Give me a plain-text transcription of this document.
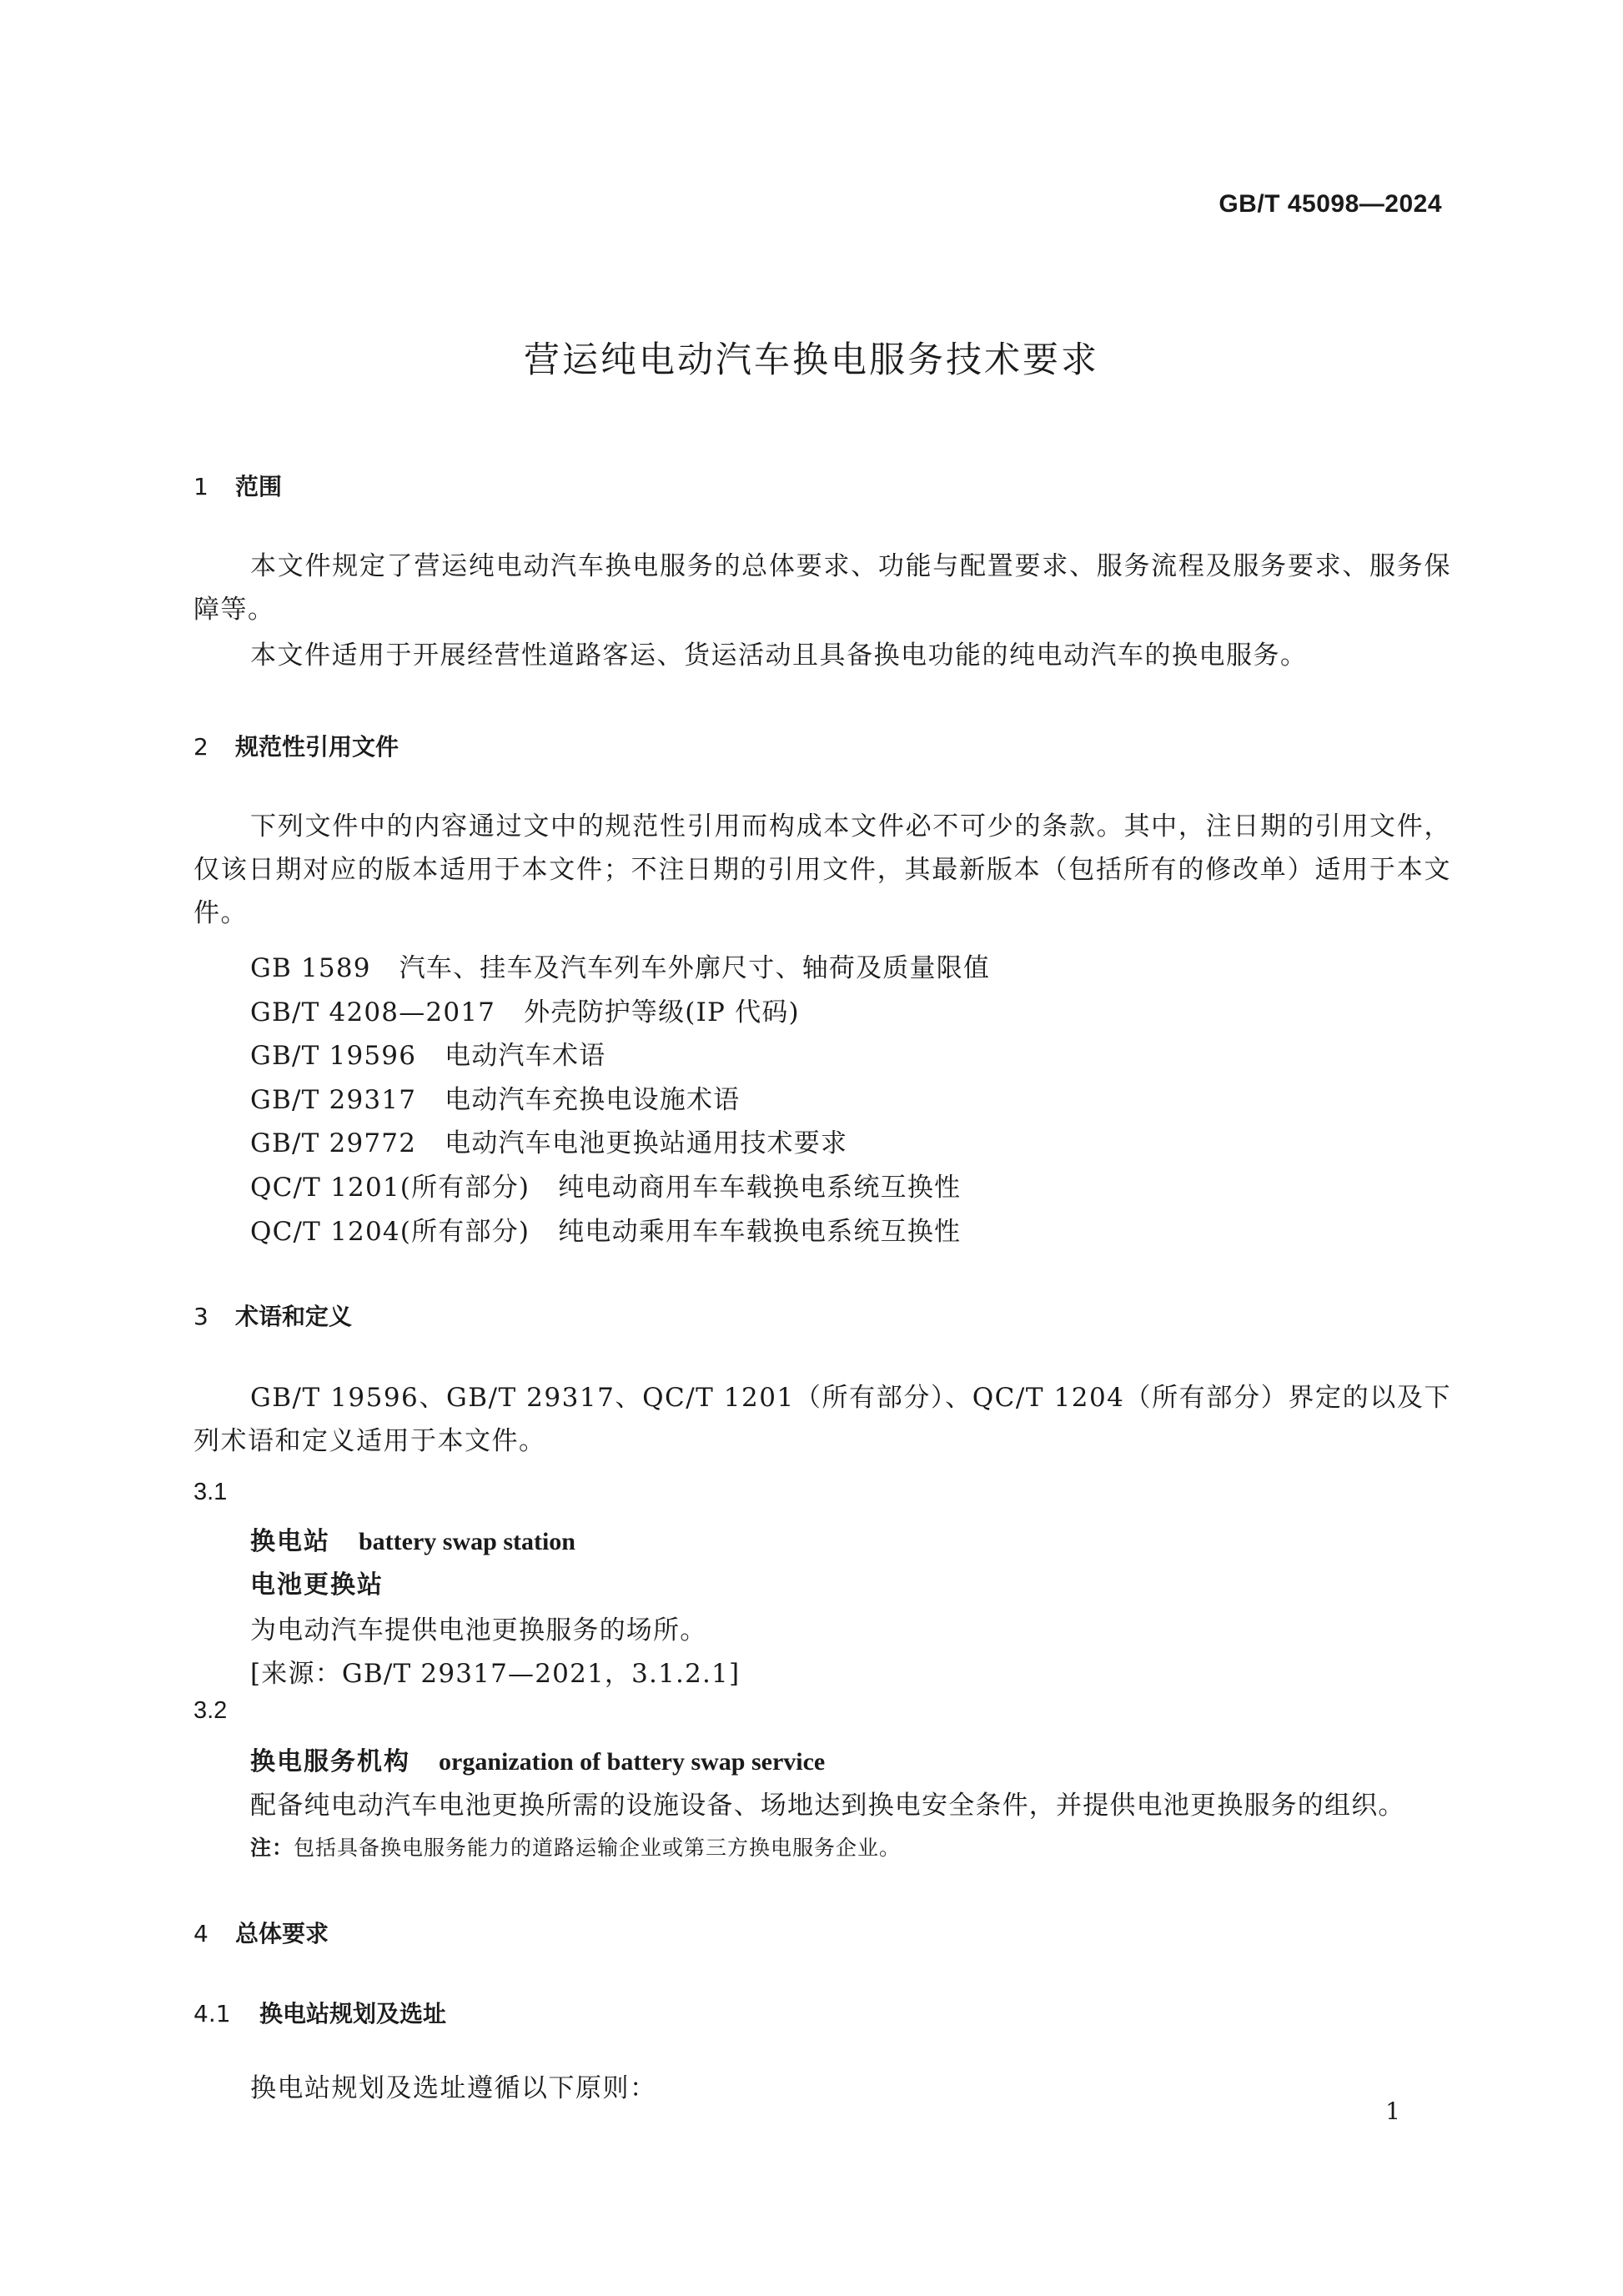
GB/T 45098—2024
营运纯电动汽车换电服务技术要求
1 范围
本文件规定了营运纯电动汽车换电服务的总体要求、功能与配置要求、服务流程及服务要求、服务保障等。
本文件适用于开展经营性道路客运、货运活动且具备换电功能的纯电动汽车的换电服务。
2 规范性引用文件
下列文件中的内容通过文中的规范性引用而构成本文件必不可少的条款。其中，注日期的引用文件，仅该日期对应的版本适用于本文件；不注日期的引用文件，其最新版本（包括所有的修改单）适用于本文件。
GB 1589 汽车、挂车及汽车列车外廓尺寸、轴荷及质量限值
GB/T 4208—2017 外壳防护等级(IP 代码)
GB/T 19596 电动汽车术语
GB/T 29317 电动汽车充换电设施术语
GB/T 29772 电动汽车电池更换站通用技术要求
QC/T 1201(所有部分) 纯电动商用车车载换电系统互换性
QC/T 1204(所有部分) 纯电动乘用车车载换电系统互换性
3 术语和定义
GB/T 19596、GB/T 29317、QC/T 1201（所有部分）、QC/T 1204（所有部分）界定的以及下列术语和定义适用于本文件。
3.1
换电站 battery swap station
电池更换站
为电动汽车提供电池更换服务的场所。
[来源：GB/T 29317—2021，3.1.2.1]
3.2
换电服务机构 organization of battery swap service
配备纯电动汽车电池更换所需的设施设备、场地达到换电安全条件，并提供电池更换服务的组织。
注：包括具备换电服务能力的道路运输企业或第三方换电服务企业。
4 总体要求
4.1 换电站规划及选址
换电站规划及选址遵循以下原则：
1
